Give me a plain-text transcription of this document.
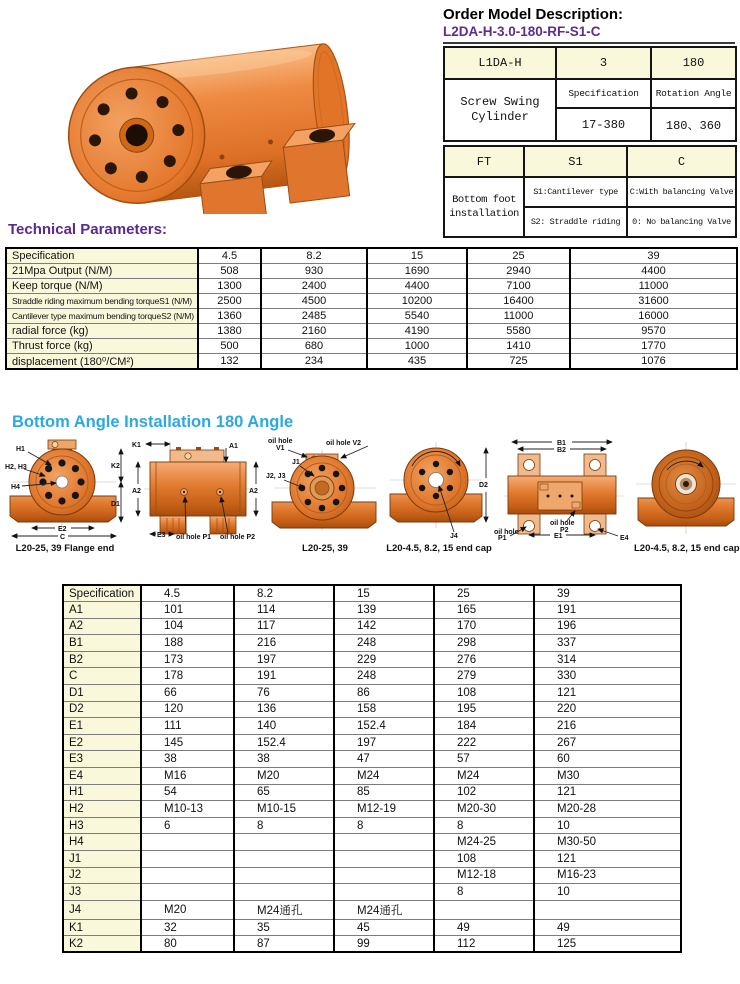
Order Model Description:
L2DA-H-3.0-180-RF-S1-C
L1DA-H	3	180
Screw Swing Cylinder	Specification	Rotation Angle
	17-380	180、360
FT	S1	C
Bottom foot installation	S1:Cantilever type	C:With balancing Valve
	S2: Straddle riding	0: No balancing Valve
Technical Parameters:
Specification	4.5	8.2	15	25	39
21Mpa Output (N/M)	508	930	1690	2940	4400
Keep torque (N/M)	1300	2400	4400	7100	11000
Straddle riding maximum bending torqueS1 (N/M)	2500	4500	10200	16400	31600
Cantilever type maximum bending torqueS2 (N/M)	1360	2485	5540	11000	16000
radial force (kg)	1380	2160	4190	5580	9570
Thrust force (kg)	500	680	1000	1410	1770
displacement (180⁰/CM²)	132	234	435	725	1076
Bottom Angle Installation 180 Angle
H1
H2, H3
H4
K2
D1
E2
C
L20-25, 39 Flange end
K1	A1
A2	A2
E3 oil hole P1 oil hole P2
oil hole
V1
oil hole V2
J1
J2, J3
L20-25, 39
D2
J4
L20-4.5, 8.2, 15 end cap
B1
B2
oil hole
P1
oil hole
P2
E1	E4
L20-4.5, 8.2, 15 end cap
Specification	4.5	8.2	15	25	39
A1	101	114	139	165	191
A2	104	117	142	170	196
B1	188	216	248	298	337
B2	173	197	229	276	314
C	178	191	248	279	330
D1	66	76	86	108	121
D2	120	136	158	195	220
E1	111	140	152.4	184	216
E2	145	152.4	197	222	267
E3	38	38	47	57	60
E4	M16	M20	M24	M24	M30
H1	54	65	85	102	121
H2	M10-13	M10-15	M12-19	M20-30	M20-28
H3	6	8	8	8	10
H4				M24-25	M30-50
J1				108	121
J2				M12-18	M16-23
J3				8	10
J4	M20	M24通孔	M24通孔		
K1	32	35	45	49	49
K2	80	87	99	112	125
